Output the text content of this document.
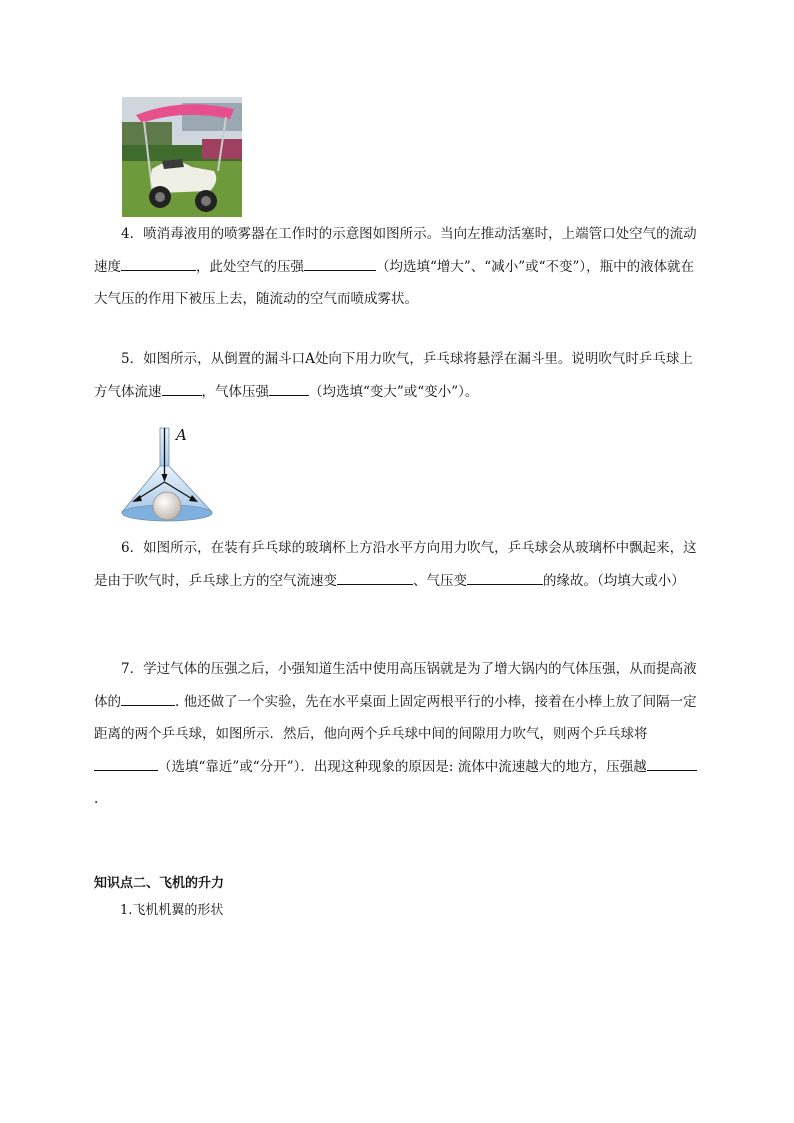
4．喷消毒液用的喷雾器在工作时的示意图如图所示。当向左推动活塞时，上端管口处空气的流动速度	，此处空气的压强	（均选填“增大”、“减小”或“不变”），瓶中的液体就在大气压的作用下被压上去，随流动的空气而喷成雾状。

5．如图所示，从倒置的漏斗口A处向下用力吹气，乒乓球将悬浮在漏斗里。说明吹气时乒乓球上方气体流速	，气体压强	（均选填“变大”或“变小”）。

A

6．如图所示，在装有乒乓球的玻璃杯上方沿水平方向用力吹气，乒乓球会从玻璃杯中飘起来，这是由于吹气时，乒乓球上方的空气流速变	、气压变	的缘故。（均填大或小）

7．学过气体的压强之后，小强知道生活中使用高压锅就是为了增大锅内的气体压强，从而提高液体的	. 他还做了一个实验，先在水平桌面上固定两根平行的小棒，接着在小棒上放了间隔一定距离的两个乒乓球，如图所示．然后，他向两个乒乓球中间的间隙用力吹气，则两个乒乓球将（选填“靠近”或“分开”）．出现这种现象的原因是: 流体中流速越大的地方，压强越.

知识点二、飞机的升力
1.飞机机翼的形状
